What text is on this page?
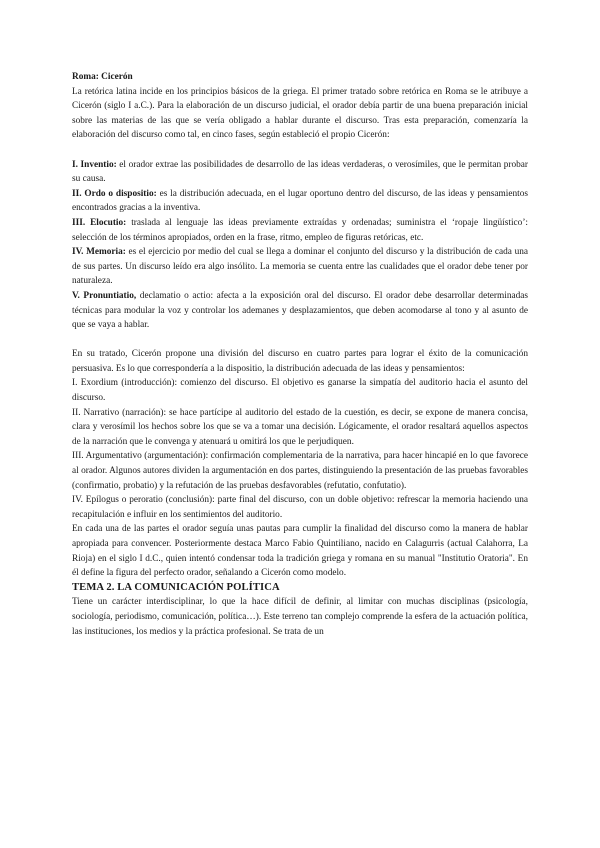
Roma: Cicerón

La retórica latina incide en los principios básicos de la griega. El primer tratado sobre retórica en Roma se le atribuye a Cicerón (siglo I a.C.). Para la elaboración de un discurso judicial, el orador debía partir de una buena preparación inicial sobre las materias de las que se vería obligado a hablar durante el discurso. Tras esta preparación, comenzaría la elaboración del discurso como tal, en cinco fases, según estableció el propio Cicerón:

I. Inventio: el orador extrae las posibilidades de desarrollo de las ideas verdaderas, o verosímiles, que le permitan probar su causa.

II. Ordo o dispositio: es la distribución adecuada, en el lugar oportuno dentro del discurso, de las ideas y pensamientos encontrados gracias a la inventiva.

III. Elocutio: traslada al lenguaje las ideas previamente extraídas y ordenadas; suministra el ‘ropaje lingüístico’: selección de los términos apropiados, orden en la frase, ritmo, empleo de figuras retóricas, etc.

IV. Memoria: es el ejercicio por medio del cual se llega a dominar el conjunto del discurso y la distribución de cada una de sus partes. Un discurso leído era algo insólito. La memoria se cuenta entre las cualidades que el orador debe tener por naturaleza.

V. Pronuntiatio, declamatio o actio: afecta a la exposición oral del discurso. El orador debe desarrollar determinadas técnicas para modular la voz y controlar los ademanes y desplazamientos, que deben acomodarse al tono y al asunto de que se vaya a hablar.

En su tratado, Cicerón propone una división del discurso en cuatro partes para lograr el éxito de la comunicación persuasiva. Es lo que correspondería a la dispositio, la distribución adecuada de las ideas y pensamientos:

I. Exordium (introducción): comienzo del discurso. El objetivo es ganarse la simpatía del auditorio hacia el asunto del discurso.

II. Narrativo (narración): se hace partícipe al auditorio del estado de la cuestión, es decir, se expone de manera concisa, clara y verosímil los hechos sobre los que se va a tomar una decisión. Lógicamente, el orador resaltará aquellos aspectos de la narración que le convenga y atenuará u omitirá los que le perjudiquen.

III. Argumentativo (argumentación): confirmación complementaria de la narrativa, para hacer hincapié en lo que favorece al orador. Algunos autores dividen la argumentación en dos partes, distinguiendo la presentación de las pruebas favorables (confirmatio, probatio) y la refutación de las pruebas desfavorables (refutatio, confutatio).

IV. Epílogus o peroratio (conclusión): parte final del discurso, con un doble objetivo: refrescar la memoria haciendo una recapitulación e influir en los sentimientos del auditorio.

En cada una de las partes el orador seguía unas pautas para cumplir la finalidad del discurso como la manera de hablar apropiada para convencer. Posteriormente destaca Marco Fabio Quintiliano, nacido en Calagurris (actual Calahorra, La Rioja) en el siglo I d.C., quien intentó condensar toda la tradición griega y romana en su manual "Institutio Oratoria". En él define la figura del perfecto orador, señalando a Cicerón como modelo.

TEMA 2. LA COMUNICACIÓN POLÍTICA

Tiene un carácter interdisciplinar, lo que la hace difícil de definir, al limitar con muchas disciplinas (psicología, sociología, periodismo, comunicación, política…). Este terreno tan complejo comprende la esfera de la actuación política, las instituciones, los medios y la práctica profesional. Se trata de un
